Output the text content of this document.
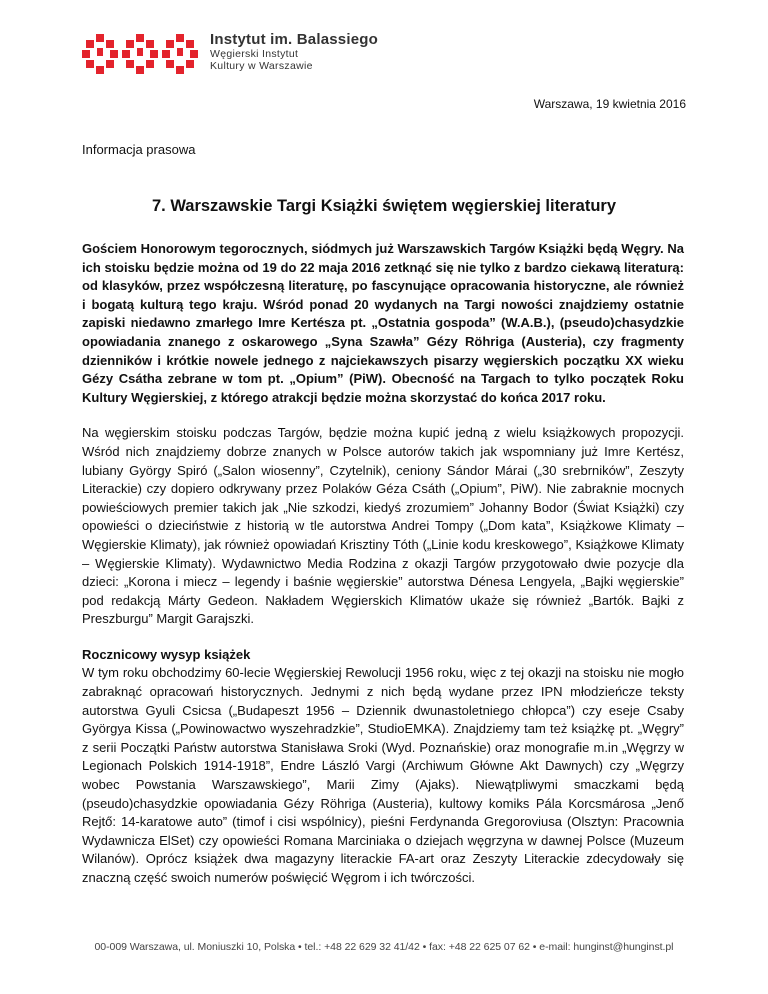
Instytut im. Balassiego
Węgierski Instytut
Kultury w Warszawie
Warszawa, 19 kwietnia 2016
Informacja prasowa
7. Warszawskie Targi Książki świętem węgierskiej literatury

Gościem Honorowym tegorocznych, siódmych już Warszawskich Targów Książki będą Węgry. Na ich stoisku będzie można od 19 do 22 maja 2016 zetknąć się nie tylko z bardzo ciekawą literaturą: od klasyków, przez współczesną literaturę, po fascynujące opracowania historyczne, ale również i bogatą kulturą tego kraju. Wśród ponad 20 wydanych na Targi nowości znajdziemy ostatnie zapiski niedawno zmarłego Imre Kertésza pt. „Ostatnia gospoda” (W.A.B.), (pseudo)chasydzkie opowiadania znanego z oskarowego „Syna Szawła” Gézy Röhriga (Austeria), czy fragmenty dzienników i krótkie nowele jednego z najciekawszych pisarzy węgierskich początku XX wieku Gézy Csátha zebrane w tom pt. „Opium” (PiW). Obecność na Targach to tylko początek Roku Kultury Węgierskiej, z którego atrakcji będzie można skorzystać do końca 2017 roku.

Na węgierskim stoisku podczas Targów, będzie można kupić jedną z wielu książkowych propozycji. Wśród nich znajdziemy dobrze znanych w Polsce autorów takich jak wspomniany już Imre Kertész, lubiany György Spiró („Salon wiosenny”, Czytelnik), ceniony Sándor Márai („30 srebrników”, Zeszyty Literackie) czy dopiero odkrywany przez Polaków Géza Csáth („Opium”, PiW). Nie zabraknie mocnych powieściowych premier takich jak „Nie szkodzi, kiedyś zrozumiem” Johanny Bodor (Świat Książki) czy opowieści o dzieciństwie z historią w tle autorstwa Andrei Tompy („Dom kata”, Książkowe Klimaty – Węgierskie Klimaty), jak również opowiadań Krisztiny Tóth („Linie kodu kreskowego”, Książkowe Klimaty – Węgierskie Klimaty). Wydawnictwo Media Rodzina z okazji Targów przygotowało dwie pozycje dla dzieci: „Korona i miecz – legendy i baśnie węgierskie” autorstwa Dénesa Lengyela, „Bajki węgierskie” pod redakcją Márty Gedeon. Nakładem Węgierskich Klimatów ukaże się również „Bartók. Bajki z Preszburgu” Margit Garajszki.

Rocznicowy wysyp książek
W tym roku obchodzimy 60-lecie Węgierskiej Rewolucji 1956 roku, więc z tej okazji na stoisku nie mogło zabraknąć opracowań historycznych. Jednymi z nich będą wydane przez IPN młodzieńcze teksty autorstwa Gyuli Csicsa („Budapeszt 1956 – Dziennik dwunastoletniego chłopca”) czy eseje Csaby Györgya Kissa („Powinowactwo wyszehradzkie”, StudioEMKA). Znajdziemy tam też książkę pt. „Węgry” z serii Początki Państw autorstwa Stanisława Sroki (Wyd. Poznańskie) oraz monografie m.in „Węgrzy w Legionach Polskich 1914-1918”, Endre László Vargi (Archiwum Główne Akt Dawnych) czy „Węgrzy wobec Powstania Warszawskiego”, Marii Zimy (Ajaks). Niewątpliwymi smaczkami będą (pseudo)chasydzkie opowiadania Gézy Röhriga (Austeria), kultowy komiks Pála Korcsmárosa „Jenő Rejtő: 14-karatowe auto” (timof i cisi wspólnicy), pieśni Ferdynanda Gregoroviusa (Olsztyn: Pracownia Wydawnicza ElSet) czy opowieści Romana Marciniaka o dziejach węgrzyna w dawnej Polsce (Muzeum Wilanów). Oprócz książek dwa magazyny literackie FA-art oraz Zeszyty Literackie zdecydowały się znaczną część swoich numerów poświęcić Węgrom i ich twórczości.

00-009 Warszawa, ul. Moniuszki 10, Polska • tel.: +48 22 629 32 41/42 • fax: +48 22 625 07 62 • e-mail: hunginst@hunginst.pl
